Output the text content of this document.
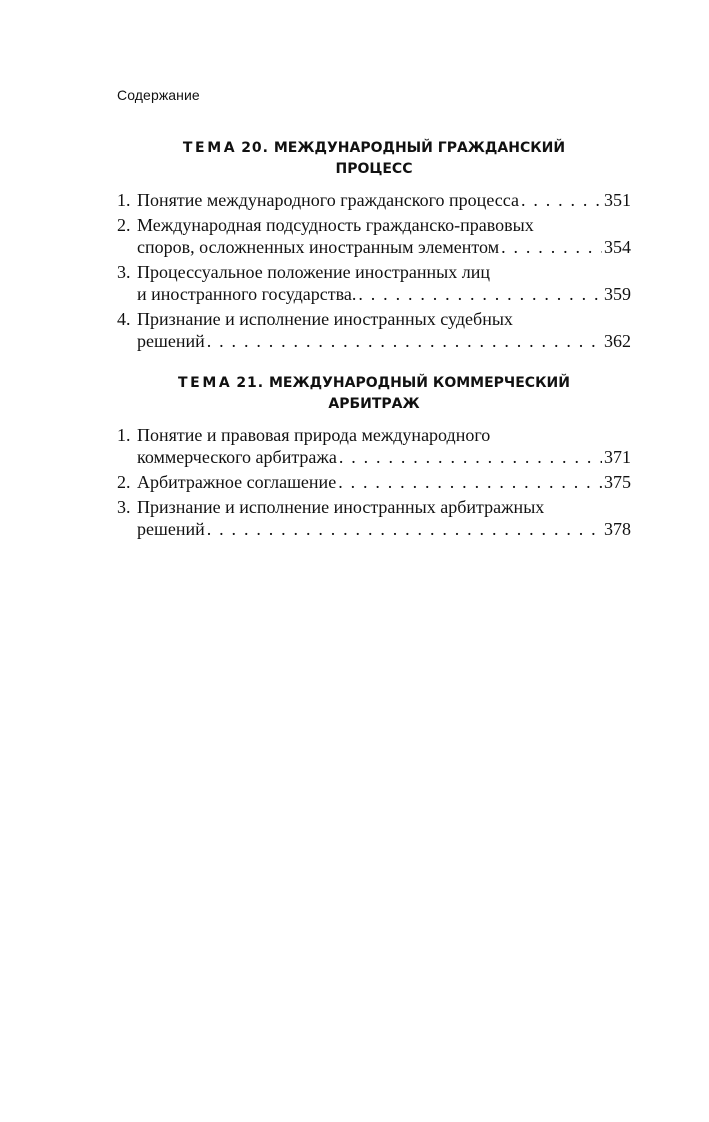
Содержание
ТЕМА 20. МЕЖДУНАРОДНЫЙ ГРАЖДАНСКИЙ
ПРОЦЕСС
1. Понятие международного гражданского процесса . . .	351
2. Международная подсудность гражданско-правовых
споров, осложненных иностранным элементом . . .	354
3. Процессуальное положение иностранных лиц
и иностранного государства. . . .	359
4. Признание и исполнение иностранных судебных
решений . . .	362
ТЕМА 21. МЕЖДУНАРОДНЫЙ КОММЕРЧЕСКИЙ
АРБИТРАЖ
1. Понятие и правовая природа международного
коммерческого арбитража . . .	371
2. Арбитражное соглашение . . .	375
3. Признание и исполнение иностранных арбитражных
решений . . .	378
